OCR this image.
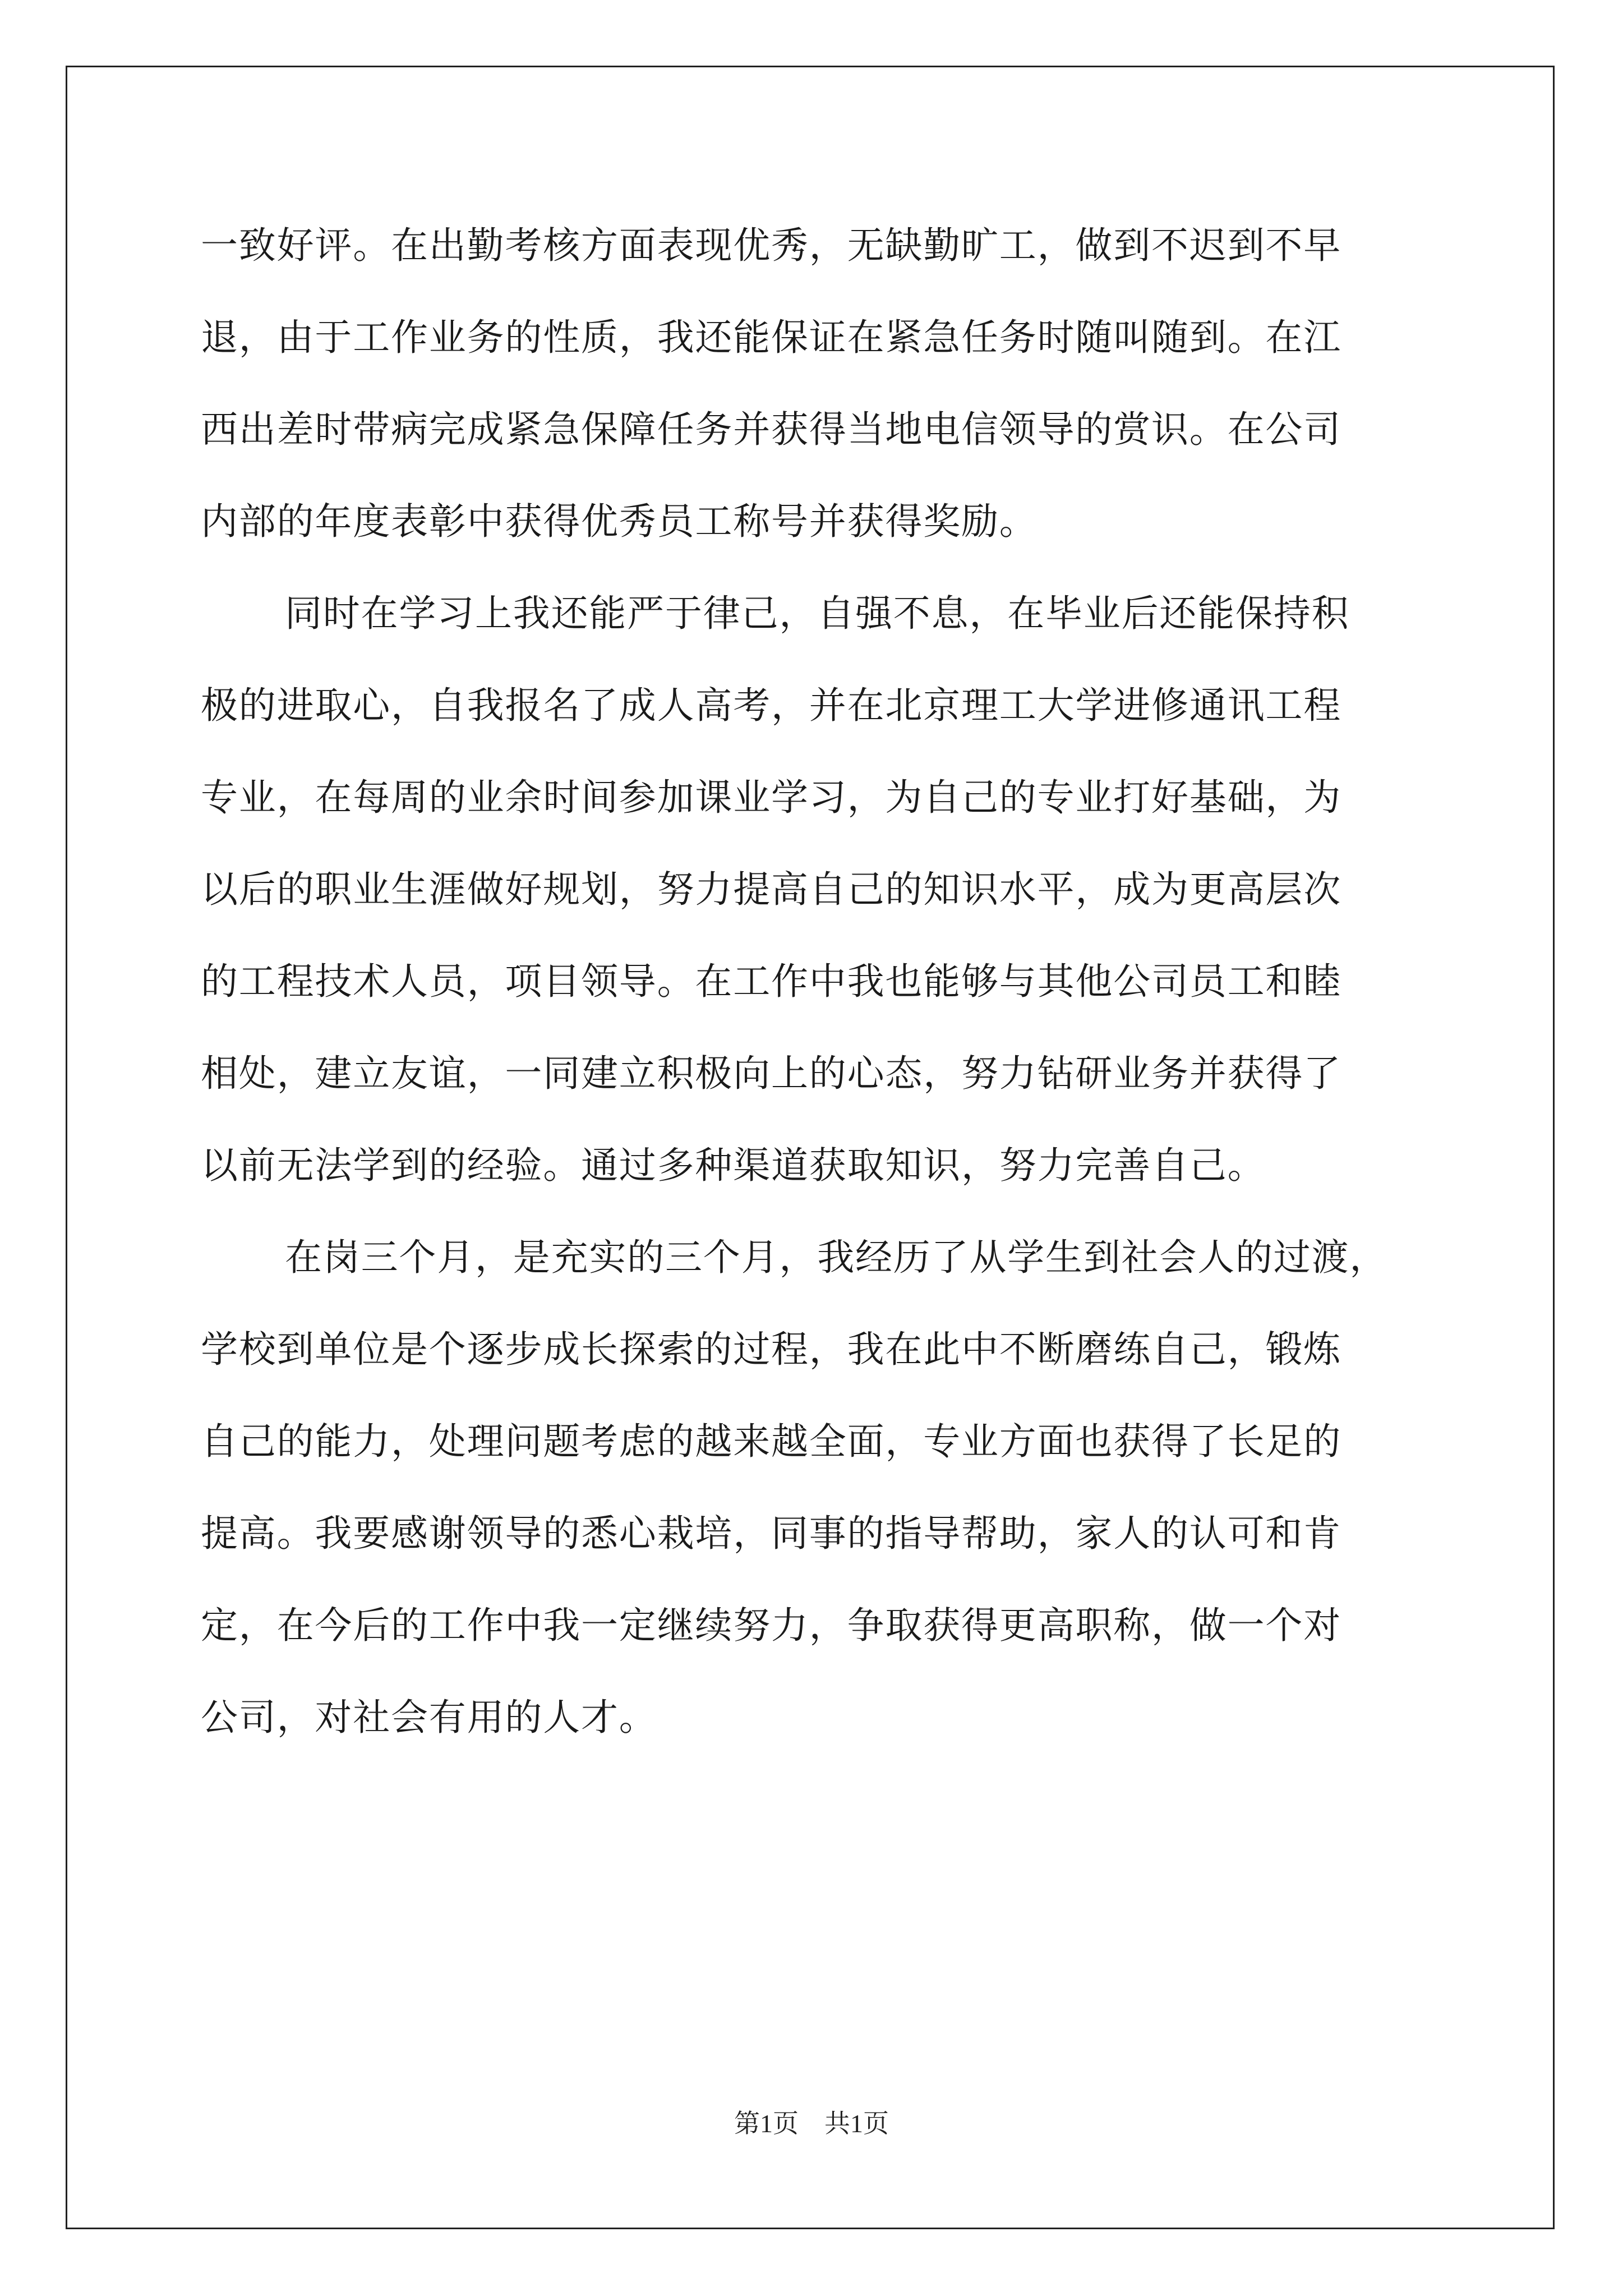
一致好评。在出勤考核方面表现优秀，无缺勤旷工，做到不迟到不早
退，由于工作业务的性质，我还能保证在紧急任务时随叫随到。在江
西出差时带病完成紧急保障任务并获得当地电信领导的赏识。在公司
内部的年度表彰中获得优秀员工称号并获得奖励。
同时在学习上我还能严于律己，自强不息，在毕业后还能保持积
极的进取心，自我报名了成人高考，并在北京理工大学进修通讯工程
专业，在每周的业余时间参加课业学习，为自己的专业打好基础，为
以后的职业生涯做好规划，努力提高自己的知识水平，成为更高层次
的工程技术人员，项目领导。在工作中我也能够与其他公司员工和睦
相处，建立友谊，一同建立积极向上的心态，努力钻研业务并获得了
以前无法学到的经验。通过多种渠道获取知识，努力完善自己。
在岗三个月，是充实的三个月，我经历了从学生到社会人的过渡，
学校到单位是个逐步成长探索的过程，我在此中不断磨练自己，锻炼
自己的能力，处理问题考虑的越来越全面，专业方面也获得了长足的
提高。我要感谢领导的悉心栽培，同事的指导帮助，家人的认可和肯
定，在今后的工作中我一定继续努力，争取获得更高职称，做一个对
公司，对社会有用的人才。
第1页　共1页
